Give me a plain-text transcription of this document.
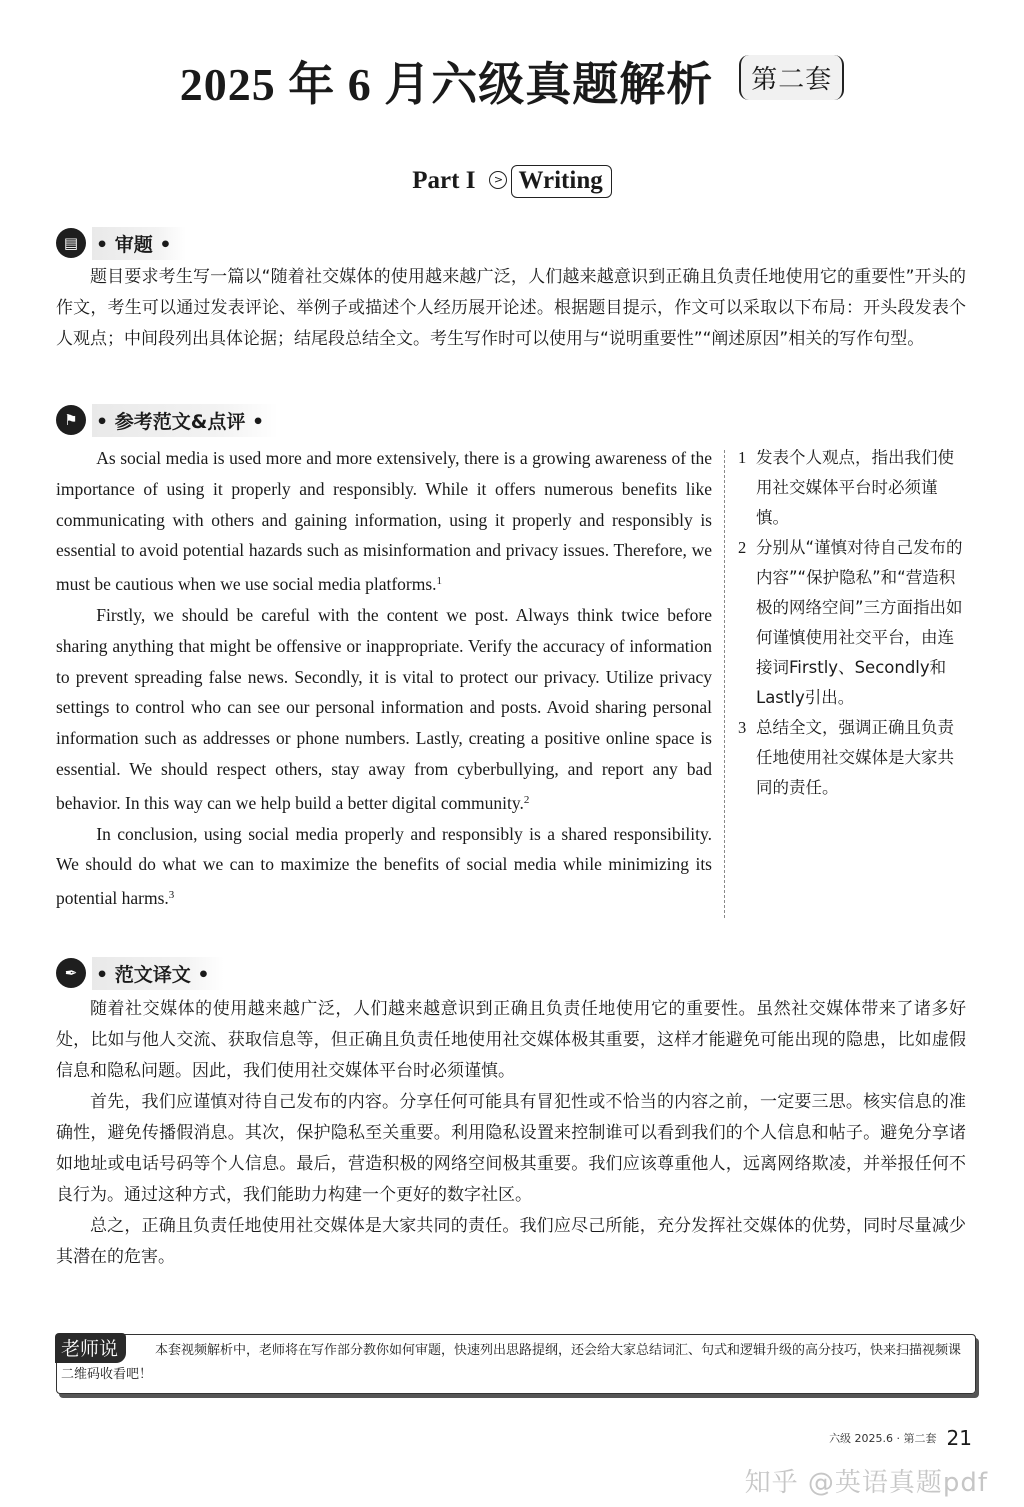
2025 年 6 月六级真题解析 第二套
Part I > Writing
▤ • 审题 •

题目要求考生写一篇以“随着社交媒体的使用越来越广泛，人们越来越意识到正确且负责任地使用它的重要性”开头的作文，考生可以通过发表评论、举例子或描述个人经历展开论述。根据题目提示，作文可以采取以下布局：开头段发表个人观点；中间段列出具体论据；结尾段总结全文。考生写作时可以使用与“说明重要性”“阐述原因”相关的写作句型。

⚑ • 参考范文&点评 •

As social media is used more and more extensively, there is a growing awareness of the importance of using it properly and responsibly. While it offers numerous benefits like communicating with others and gaining information, using it properly and responsibly is essential to avoid potential hazards such as misinformation and privacy issues. Therefore, we must be cautious when we use social media platforms.$^1$

Firstly, we should be careful with the content we post. Always think twice before sharing anything that might be offensive or inappropriate. Verify the accuracy of information to prevent spreading false news. Secondly, it is vital to protect our privacy. Utilize privacy settings to control who can see our personal information and posts. Avoid sharing personal information such as addresses or phone numbers. Lastly, creating a positive online space is essential. We should respect others, stay away from cyberbullying, and report any bad behavior. In this way can we help build a better digital community.$^2$

In conclusion, using social media properly and responsibly is a shared responsibility. We should do what we can to maximize the benefits of social media while minimizing its potential harms.$^3$

1 发表个人观点，指出我们使用社交媒体平台时必须谨慎。
2 分别从“谨慎对待自己发布的内容”“保护隐私”和“营造积极的网络空间”三方面指出如何谨慎使用社交平台，由连接词Firstly、Secondly和Lastly引出。
3 总结全文，强调正确且负责任地使用社交媒体是大家共同的责任。
✒ • 范文译文 •

随着社交媒体的使用越来越广泛，人们越来越意识到正确且负责任地使用它的重要性。虽然社交媒体带来了诸多好处，比如与他人交流、获取信息等，但正确且负责任地使用社交媒体极其重要，这样才能避免可能出现的隐患，比如虚假信息和隐私问题。因此，我们使用社交媒体平台时必须谨慎。

首先，我们应谨慎对待自己发布的内容。分享任何可能具有冒犯性或不恰当的内容之前，一定要三思。核实信息的准确性，避免传播假消息。其次，保护隐私至关重要。利用隐私设置来控制谁可以看到我们的个人信息和帖子。避免分享诸如地址或电话号码等个人信息。最后，营造积极的网络空间极其重要。我们应该尊重他人，远离网络欺凌，并举报任何不良行为。通过这种方式，我们能助力构建一个更好的数字社区。

总之，正确且负责任地使用社交媒体是大家共同的责任。我们应尽己所能，充分发挥社交媒体的优势，同时尽量减少其潜在的危害。

老师说	本套视频解析中，老师将在写作部分教你如何审题，快速列出思路提纲，还会给大家总结词汇、句式和逻辑升级的高分技巧，快来扫描视频课二维码收看吧！
六级 2025.6 · 第二套 21
知乎 @英语真题pdf
